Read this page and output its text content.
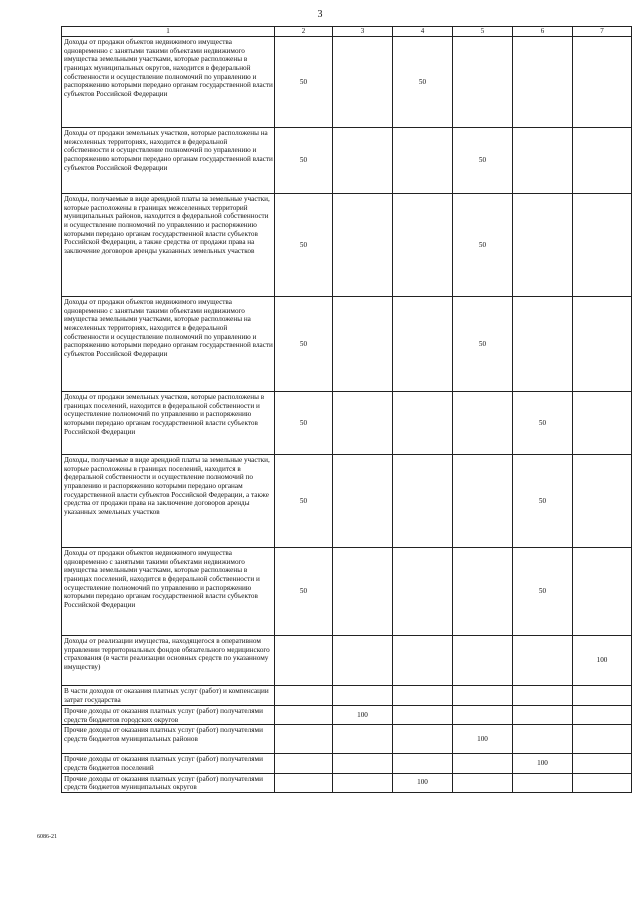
3
1	2	3	4	5	6	7
Доходы от продажи объектов недвижимого имущества одновременно с занятыми такими объектами недвижимого имущества земельными участками, которые расположены в границах муниципальных округов, находится в федеральной собственности и осуществление полномочий по управлению и распоряжению которыми передано органам государственной власти субъектов Российской Федерации	50		50			
Доходы от продажи земельных участков, которые расположены на межселенных территориях, находится в федеральной собственности и осуществление полномочий по управлению и распоряжению которыми передано органам государственной власти субъектов Российской Федерации	50			50		
Доходы, получаемые в виде арендной платы за земельные участки, которые расположены в границах межселенных территорий муниципальных районов, находится в федеральной собственности и осуществление полномочий по управлению и распоряжению которыми передано органам государственной власти субъектов Российской Федерации, а также средства от продажи права на заключение договоров аренды указанных земельных участков	50			50		
Доходы от продажи объектов недвижимого имущества одновременно с занятыми такими объектами недвижимого имущества земельными участками, которые расположены на межселенных территориях, находится в федеральной собственности и осуществление полномочий по управлению и распоряжению которыми передано органам государственной власти субъектов Российской Федерации	50			50		
Доходы от продажи земельных участков, которые расположены в границах поселений, находится в федеральной собственности и осуществление полномочий по управлению и распоряжению которыми передано органам государственной власти субъектов Российской Федерации	50				50	
Доходы, получаемые в виде арендной платы за земельные участки, которые расположены в границах поселений, находится в федеральной собственности и осуществление полномочий по управлению и распоряжению которыми передано органам государственной власти субъектов Российской Федерации, а также средства от продажи права на заключение договоров аренды указанных земельных участков	50				50	
Доходы от продажи объектов недвижимого имущества одновременно с занятыми такими объектами недвижимого имущества земельными участками, которые расположены в границах поселений, находится в федеральной собственности и осуществление полномочий по управлению и распоряжению которыми передано органам государственной власти субъектов Российской Федерации	50				50	
Доходы от реализации имущества, находящегося в оперативном управлении территориальных фондов обязательного медицинского страхования (в части реализации основных средств по указанному имуществу)						100
В части доходов от оказания платных услуг (работ) и компенсации затрат государства						
Прочие доходы от оказания платных услуг (работ) получателями средств бюджетов городских округов		100				
Прочие доходы от оказания платных услуг (работ) получателями средств бюджетов муниципальных районов				100		
Прочие доходы от оказания платных услуг (работ) получателями средств бюджетов поселений					100	
Прочие доходы от оказания платных услуг (работ) получателями средств бюджетов муниципальных округов			100			
6086-21
